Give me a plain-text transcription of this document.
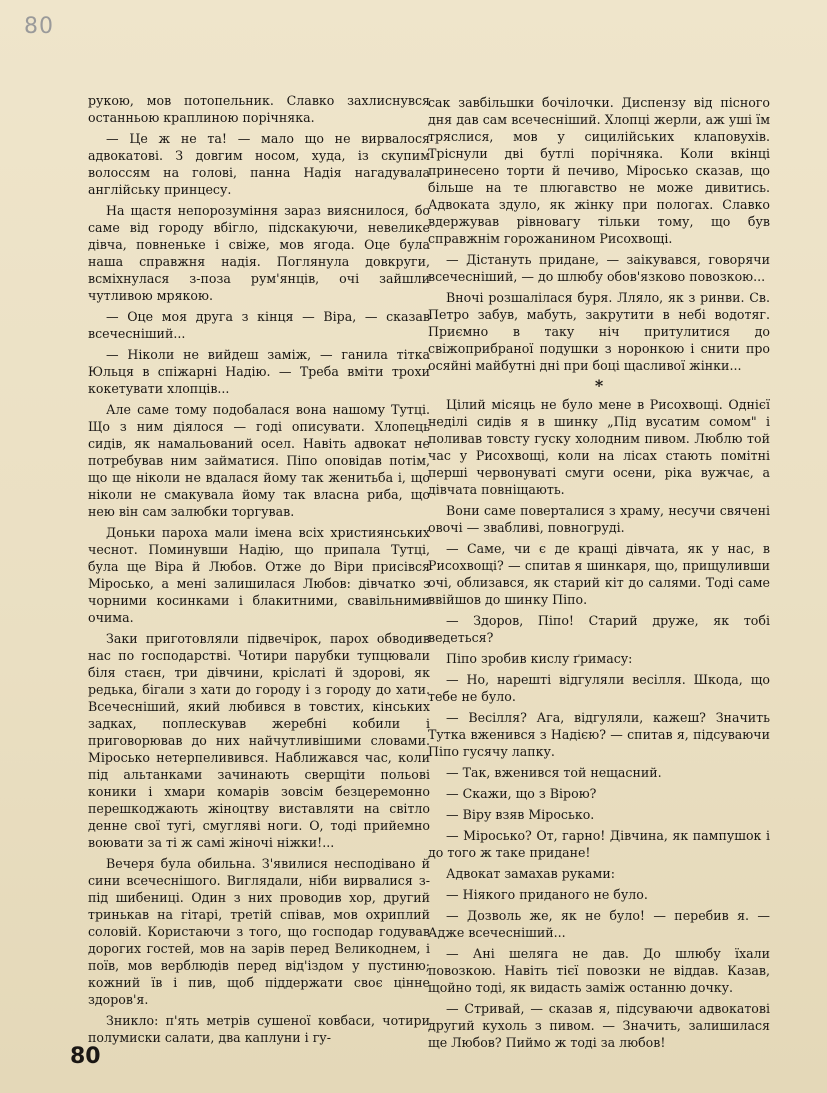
80

рукою, мов потопельник. Славко захлиснувся останньою краплиною порічняка.

— Це ж не та! — мало що не вирвалося адвокатові. З довгим носом, худа, із скупим волоссям на голові, панна Надія нагадувала англійську принцесу.

На щастя непорозуміння зараз вияснилося, бо саме від городу вбігло, підскакуючи, невелике дівча, повненьке і свіже, мов ягода. Оце була наша справжня надія. Поглянула довкруги, всміхнулася з-поза рум'янців, очі зайшли чутливою мрякою.

— Оце моя друга з кінця — Віра, — сказав всечесніший...

— Ніколи не вийдеш заміж, — ганила тітка Юльця в спіжарні Надію. — Треба вміти трохи кокетувати хлопців...

Але саме тому подобалася вона нашому Тутці. Що з ним діялося — годі описувати. Хлопець сидів, як намальований осел. Навіть адвокат не потребував ним займатися. Піпо оповідав потім, що ще ніколи не вдалася йому так женитьба і, що ніколи не смакувала йому так власна риба, що нею він сам залюбки торгував.

Доньки пароха мали імена всіх християнських чеснот. Поминувши Надію, що припала Тутці, була ще Віра й Любов. Отже до Віри присівся Міросько, а мені залишилася Любов: дівчатко з чорними косинками і блакитними, свавільними очима.

Заки приготовляли підвечірок, парох обводив нас по господарстві. Чотири парубки тупцювали біля стаєн, три дівчини, кріслаті й здорові, як редька, бігали з хати до городу і з городу до хати. Всечесніший, який любився в товстих, кінських задках, поплескував жеребні кобили і приговорював до них найчутливішими словами. Міросько нетерпеливився. Наближався час, коли під альтанками зачинають сверщіти польові коники і хмари комарів зовсім безцеремонно перешкоджають жіноцтву виставляти на світло денне свої тугі, смуглявi ноги. О, тоді прийемно воювати за ті ж самі жіночі ніжки!...

Вечеря була обильна. З'явилися несподівано й сини всечеснішого. Виглядали, ніби вирвалися з-під шибениці. Один з них проводив хор, другий тринькав на гітарі, третій співав, мов охриплий соловій. Користаючи з того, що господар годував дорогих гостей, мов на зарів перед Великоднем, і поїв, мов верблюдів перед від'іздом у пустиню; кожний їв і пив, щоб піддержати своє цінне здоров'я.

Зникло: п'ять метрів сушеної ковбаси, чотири полумиски салати, два каплуни і гу-

сак завбільшки бочілочки. Диспензу від пісного дня дав сам всечесніший. Хлопці жерли, аж уші їм тряслися, мов у сицилійських клаповухів. Тріснули дві бутлі порічняка. Коли вкінці принесено торти й печиво, Міросько сказав, що більше на те плюгавство не може дивитись. Адвоката здуло, як жінку при пологах. Славко вдержував рівновагу тільки тому, що був справжнім горожанином Рисохвощі.

— Дістануть придане, — заікувався, говорячи всечесніший, — до шлюбу обов'язково повозкою...

Вночі розшалілася буря. Лляло, як з ринви. Св. Петро забув, мабуть, закрутити в небі водотяг. Приємно в таку ніч притулитися до свіжоприбраної подушки з норонкою і снити про осяйні майбутні дні при боці щасливої жінки...

*

Цілий місяць не було мене в Рисохвощі. Однієї неділі сидів я в шинку „Під вусатим сомом" і поливав товсту гуску холодним пивом. Люблю той час у Рисохвощі, коли на лісах стають помітні перші червонуваті смуги осени, ріка вужчає, а дівчата повніщають.

Вони саме поверталися з храму, несучи свячені овочі — звабливі, повногруді.

— Саме, чи є де кращі дівчата, як у нас, в Рисохвощі? — спитав я шинкаря, що, прищуливши очі, облизався, як старий кіт до салями. Тоді саме ввійшов до шинку Піпо.

— Здоров, Піпо! Старий друже, як тобі ведеться?

Піпо зробив кислу ґримасу:

— Но, нарешті відгуляли весілля. Шкода, що тебе не було.

— Весілля? Ага, відгуляли, кажеш? Значить Тутка вженився з Надією? — спитав я, підсуваючи Піпо гусячу лапку.

— Так, вженився той нещасний.

— Скажи, що з Вірою?

— Віру взяв Міросько.

— Міросько? От, гарно! Дівчина, як пампушок і до того ж таке придане!

Адвокат замахав руками:

— Ніякого приданого не було.

— Дозволь же, як не було! — перебив я. — Адже всечесніший...

— Ані шеляга не дав. До шлюбу їхали повозкою. Навіть тієї повозки не віддав. Казав, щойно тоді, як видасть заміж останню дочку.

— Стривай, — сказав я, підсуваючи адвокатові другий кухоль з пивом. — Значить, залишилася ще Любов? Пиймо ж тоді за любов!

80
